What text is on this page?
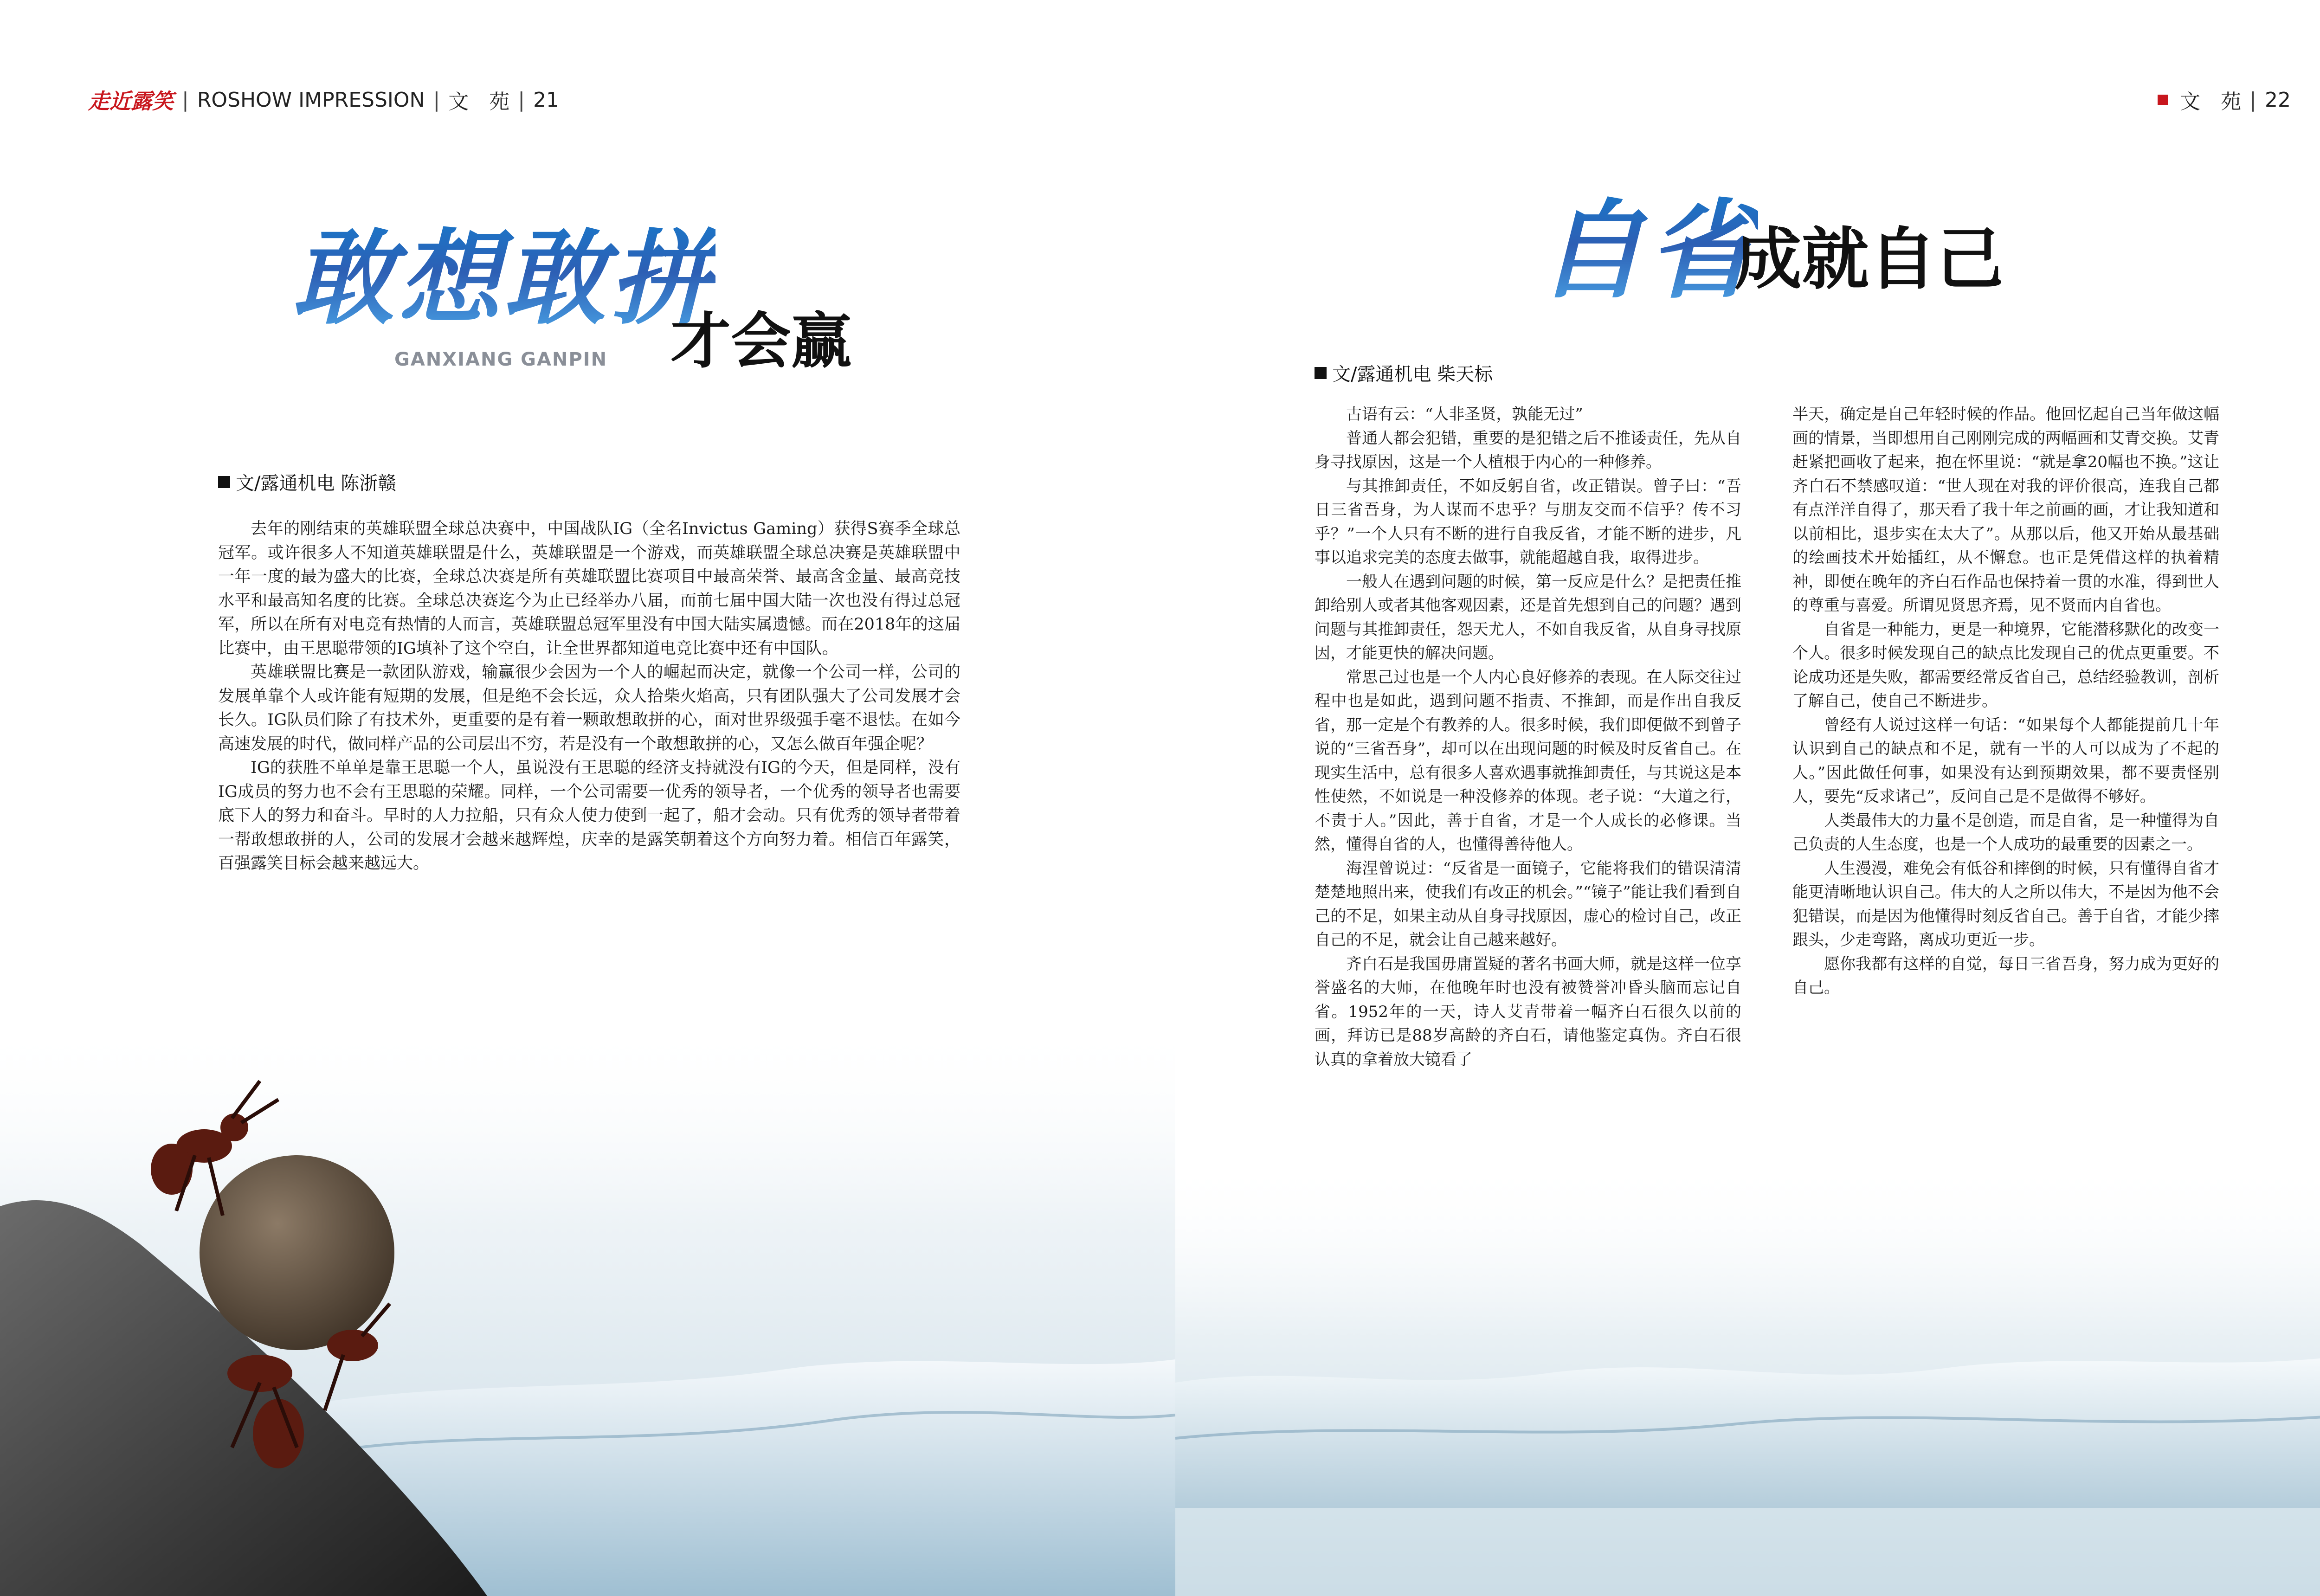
走近露笑 | ROSHOW IMPRESSION | 文　苑 | 21
敢想敢拼
才会赢
GANXIANG GANPIN
文/露通机电 陈浙赣

去年的刚结束的英雄联盟全球总决赛中，中国战队IG（全名Invictus Gaming）获得S赛季全球总冠军。或许很多人不知道英雄联盟是什么，英雄联盟是一个游戏，而英雄联盟全球总决赛是英雄联盟中一年一度的最为盛大的比赛，全球总决赛是所有英雄联盟比赛项目中最高荣誉、最高含金量、最高竞技水平和最高知名度的比赛。全球总决赛迄今为止已经举办八届，而前七届中国大陆一次也没有得过总冠军，所以在所有对电竞有热情的人而言，英雄联盟总冠军里没有中国大陆实属遗憾。而在2018年的这届比赛中，由王思聪带领的IG填补了这个空白，让全世界都知道电竞比赛中还有中国队。

英雄联盟比赛是一款团队游戏，输赢很少会因为一个人的崛起而决定，就像一个公司一样，公司的发展单靠个人或许能有短期的发展，但是绝不会长远，众人拾柴火焰高，只有团队强大了公司发展才会长久。IG队员们除了有技术外，更重要的是有着一颗敢想敢拼的心，面对世界级强手毫不退怯。在如今高速发展的时代，做同样产品的公司层出不穷，若是没有一个敢想敢拼的心，又怎么做百年强企呢？

IG的获胜不单单是靠王思聪一个人，虽说没有王思聪的经济支持就没有IG的今天，但是同样，没有IG成员的努力也不会有王思聪的荣耀。同样，一个公司需要一优秀的领导者，一个优秀的领导者也需要底下人的努力和奋斗。早时的人力拉船，只有众人使力使到一起了，船才会动。只有优秀的领导者带着一帮敢想敢拼的人，公司的发展才会越来越辉煌，庆幸的是露笑朝着这个方向努力着。相信百年露笑，百强露笑目标会越来越远大。

文　苑 | 22
自省
成就自己
文/露通机电 柴天标

古语有云：“人非圣贤，孰能无过”

普通人都会犯错，重要的是犯错之后不推诿责任，先从自身寻找原因，这是一个人植根于内心的一种修养。

与其推卸责任，不如反躬自省，改正错误。曾子曰：“吾日三省吾身，为人谋而不忠乎？与朋友交而不信乎？传不习乎？”一个人只有不断的进行自我反省，才能不断的进步，凡事以追求完美的态度去做事，就能超越自我，取得进步。

一般人在遇到问题的时候，第一反应是什么？是把责任推卸给别人或者其他客观因素，还是首先想到自己的问题？遇到问题与其推卸责任，怨天尤人，不如自我反省，从自身寻找原因，才能更快的解决问题。

常思己过也是一个人内心良好修养的表现。在人际交往过程中也是如此，遇到问题不指责、不推卸，而是作出自我反省，那一定是个有教养的人。很多时候，我们即便做不到曾子说的“三省吾身”，却可以在出现问题的时候及时反省自己。在现实生活中，总有很多人喜欢遇事就推卸责任，与其说这是本性使然，不如说是一种没修养的体现。老子说：“大道之行，不责于人。”因此，善于自省，才是一个人成长的必修课。当然，懂得自省的人，也懂得善待他人。

海涅曾说过：“反省是一面镜子，它能将我们的错误清清楚楚地照出来，使我们有改正的机会。”“镜子”能让我们看到自己的不足，如果主动从自身寻找原因，虚心的检讨自己，改正自己的不足，就会让自己越来越好。

齐白石是我国毋庸置疑的著名书画大师，就是这样一位享誉盛名的大师，在他晚年时也没有被赞誉冲昏头脑而忘记自省。1952年的一天，诗人艾青带着一幅齐白石很久以前的画，拜访已是88岁高龄的齐白石，请他鉴定真伪。齐白石很认真的拿着放大镜看了

半天，确定是自己年轻时候的作品。他回忆起自己当年做这幅画的情景，当即想用自己刚刚完成的两幅画和艾青交换。艾青赶紧把画收了起来，抱在怀里说：“就是拿20幅也不换。”这让齐白石不禁感叹道：“世人现在对我的评价很高，连我自己都有点洋洋自得了，那天看了我十年之前画的画，才让我知道和以前相比，退步实在太大了”。从那以后，他又开始从最基础的绘画技术开始插红，从不懈怠。也正是凭借这样的执着精神，即便在晚年的齐白石作品也保持着一贯的水准，得到世人的尊重与喜爱。所谓见贤思齐焉，见不贤而内自省也。

自省是一种能力，更是一种境界，它能潜移默化的改变一个人。很多时候发现自己的缺点比发现自己的优点更重要。不论成功还是失败，都需要经常反省自己，总结经验教训，剖析了解自己，使自己不断进步。

曾经有人说过这样一句话：“如果每个人都能提前几十年认识到自己的缺点和不足，就有一半的人可以成为了不起的人。”因此做任何事，如果没有达到预期效果，都不要责怪别人，要先“反求诸己”，反问自己是不是做得不够好。

人类最伟大的力量不是创造，而是自省，是一种懂得为自己负责的人生态度，也是一个人成功的最重要的因素之一。

人生漫漫，难免会有低谷和摔倒的时候，只有懂得自省才能更清晰地认识自己。伟大的人之所以伟大，不是因为他不会犯错误，而是因为他懂得时刻反省自己。善于自省，才能少摔跟头，少走弯路，离成功更近一步。

愿你我都有这样的自觉，每日三省吾身，努力成为更好的自己。
